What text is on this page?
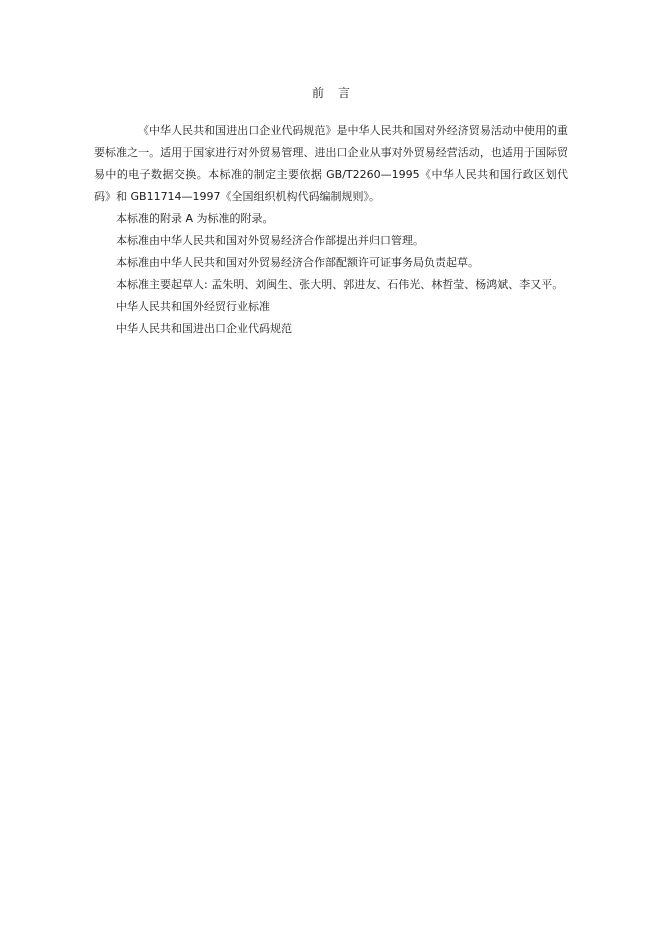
前 言

《中华人民共和国进出口企业代码规范》是中华人民共和国对外经济贸易活动中使用的重要标准之一。适用于国家进行对外贸易管理、进出口企业从事对外贸易经营活动，也适用于国际贸易中的电子数据交换。本标准的制定主要依据 GB/T2260—1995《中华人民共和国行政区划代码》和 GB11714—1997《全国组织机构代码编制规则》。

本标准的附录 A 为标准的附录。

本标准由中华人民共和国对外贸易经济合作部提出并归口管理。

本标准由中华人民共和国对外贸易经济合作部配额许可证事务局负责起草。

本标准主要起草人: 孟朱明、刘闽生、张大明、郭进友、石伟光、林哲莹、杨鸿斌、李又平。

中华人民共和国外经贸行业标准

中华人民共和国进出口企业代码规范
